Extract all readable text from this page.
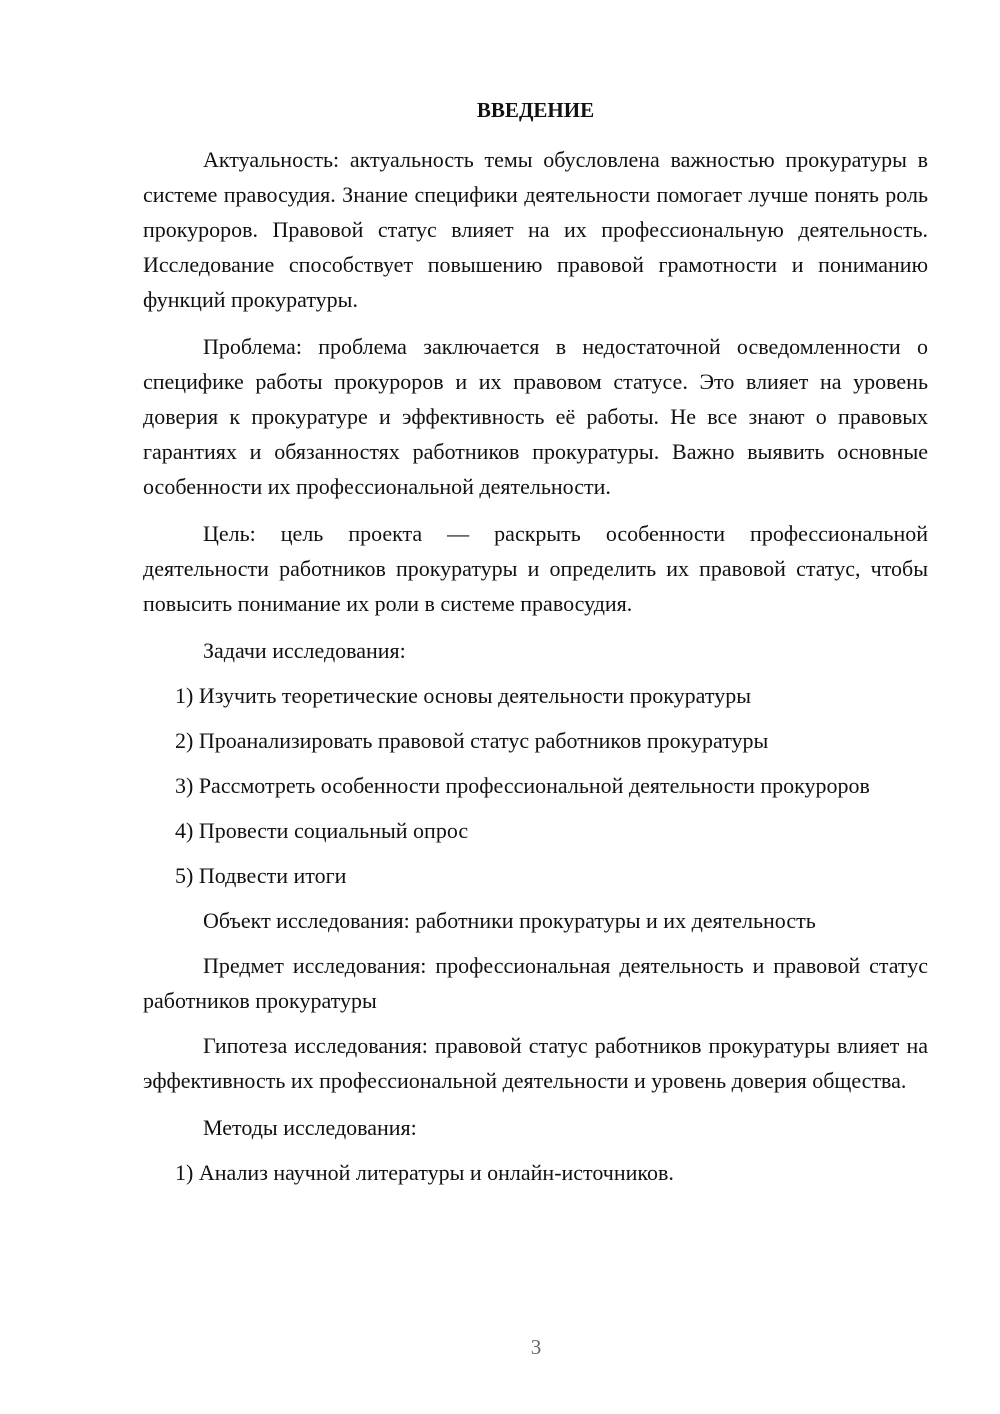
ВВЕДЕНИЕ

Актуальность: актуальность темы обусловлена важностью прокуратуры в системе правосудия. Знание специфики деятельности помогает лучше понять роль прокуроров. Правовой статус влияет на их профессиональную деятельность. Исследование способствует повышению правовой грамотности и пониманию функций прокуратуры.

Проблема: проблема заключается в недостаточной осведомленности о специфике работы прокуроров и их правовом статусе. Это влияет на уровень доверия к прокуратуре и эффективность её работы. Не все знают о правовых гарантиях и обязанностях работников прокуратуры. Важно выявить основные особенности их профессиональной деятельности.

Цель: цель проекта — раскрыть особенности профессиональной деятельности работников прокуратуры и определить их правовой статус, чтобы повысить понимание их роли в системе правосудия.

Задачи исследования:

1) Изучить теоретические основы деятельности прокуратуры

2) Проанализировать правовой статус работников прокуратуры

3) Рассмотреть особенности профессиональной деятельности прокуроров

4) Провести социальный опрос

5) Подвести итоги

Объект исследования: работники прокуратуры и их деятельность

Предмет исследования: профессиональная деятельность и правовой статус работников прокуратуры

Гипотеза исследования: правовой статус работников прокуратуры влияет на эффективность их профессиональной деятельности и уровень доверия общества.

Методы исследования:

1) Анализ научной литературы и онлайн-источников.

3
